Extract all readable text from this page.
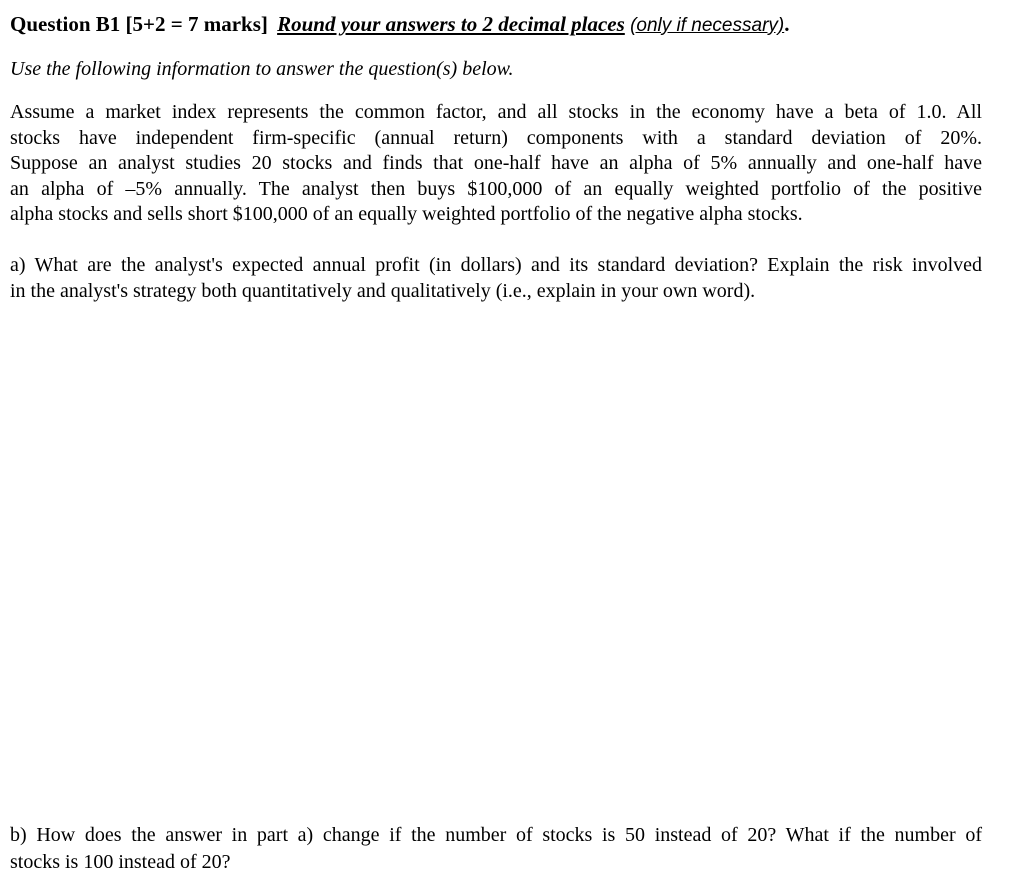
Question B1 [5+2 = 7 marks] Round your answers to 2 decimal places (only if necessary).
Use the following information to answer the question(s) below.
Assume a market index represents the common factor, and all stocks in the economy have a beta of 1.0. All
stocks have independent firm-specific (annual return) components with a standard deviation of 20%.
Suppose an analyst studies 20 stocks and finds that one-half have an alpha of 5% annually and one-half have
an alpha of –5% annually. The analyst then buys $100,000 of an equally weighted portfolio of the positive
alpha stocks and sells short $100,000 of an equally weighted portfolio of the negative alpha stocks.
a) What are the analyst's expected annual profit (in dollars) and its standard deviation? Explain the risk involved
in the analyst's strategy both quantitatively and qualitatively (i.e., explain in your own word).
b) How does the answer in part a) change if the number of stocks is 50 instead of 20? What if the number of
stocks is 100 instead of 20?
